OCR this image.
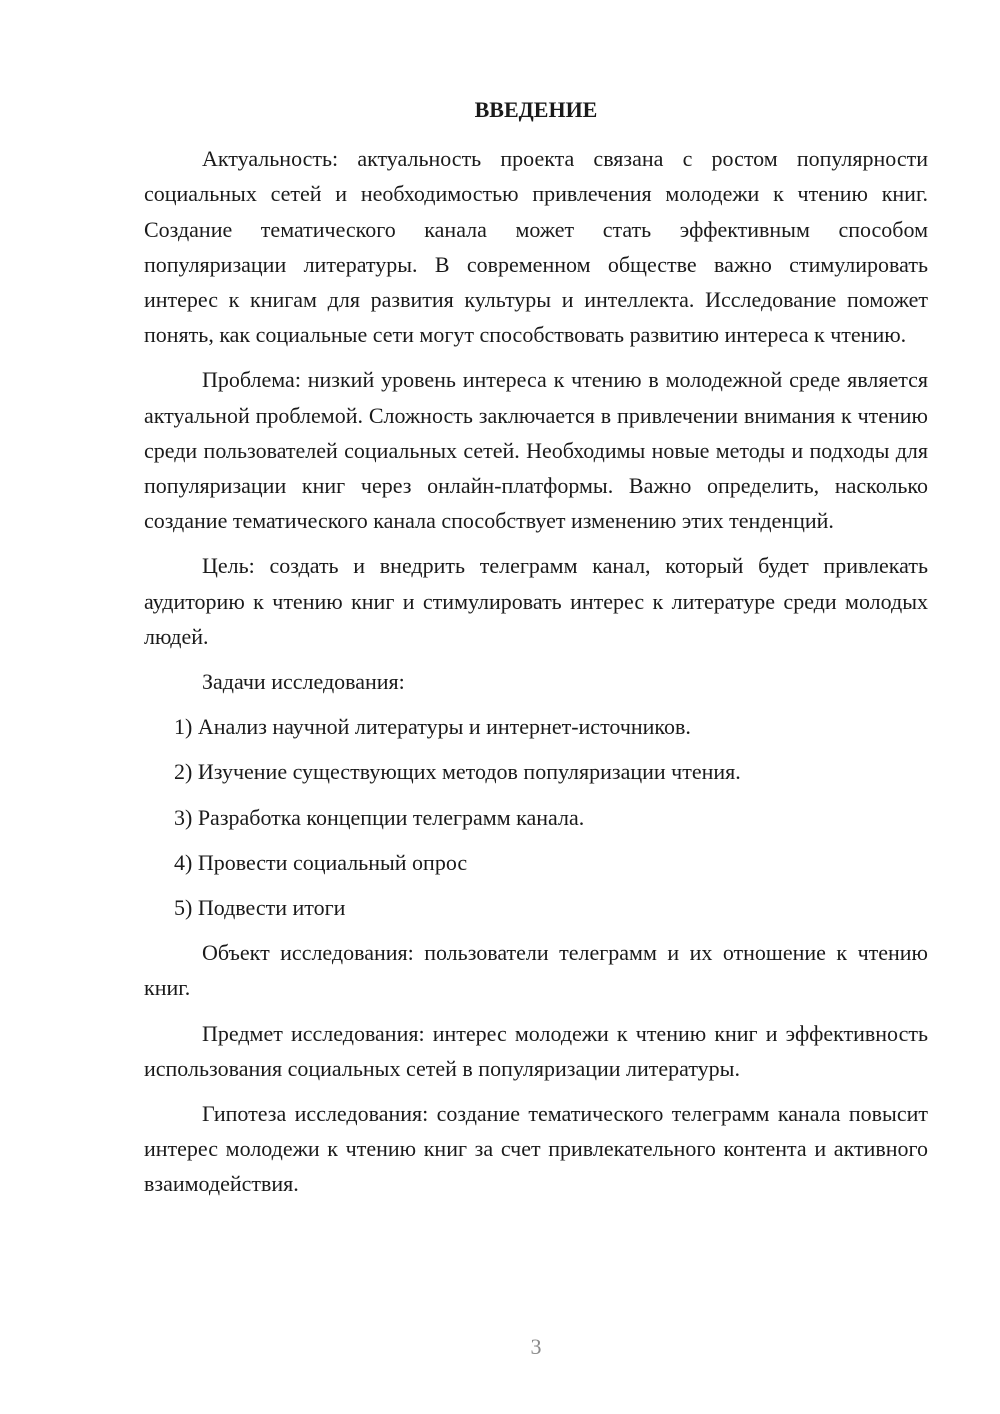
ВВЕДЕНИЕ

Актуальность: актуальность проекта связана с ростом популярности социальных сетей и необходимостью привлечения молодежи к чтению книг. Создание тематического канала может стать эффективным способом популяризации литературы. В современном обществе важно стимулировать интерес к книгам для развития культуры и интеллекта. Исследование поможет понять, как социальные сети могут способствовать развитию интереса к чтению.

Проблема: низкий уровень интереса к чтению в молодежной среде является актуальной проблемой. Сложность заключается в привлечении внимания к чтению среди пользователей социальных сетей. Необходимы новые методы и подходы для популяризации книг через онлайн-платформы. Важно определить, насколько создание тематического канала способствует изменению этих тенденций.

Цель: создать и внедрить телеграмм канал, который будет привлекать аудиторию к чтению книг и стимулировать интерес к литературе среди молодых людей.

Задачи исследования:
1) Анализ научной литературы и интернет-источников.
2) Изучение существующих методов популяризации чтения.
3) Разработка концепции телеграмм канала.
4) Провести социальный опрос
5) Подвести итоги

Объект исследования: пользователи телеграмм и их отношение к чтению книг.

Предмет исследования: интерес молодежи к чтению книг и эффективность использования социальных сетей в популяризации литературы.

Гипотеза исследования: создание тематического телеграмм канала повысит интерес молодежи к чтению книг за счет привлекательного контента и активного взаимодействия.

3
